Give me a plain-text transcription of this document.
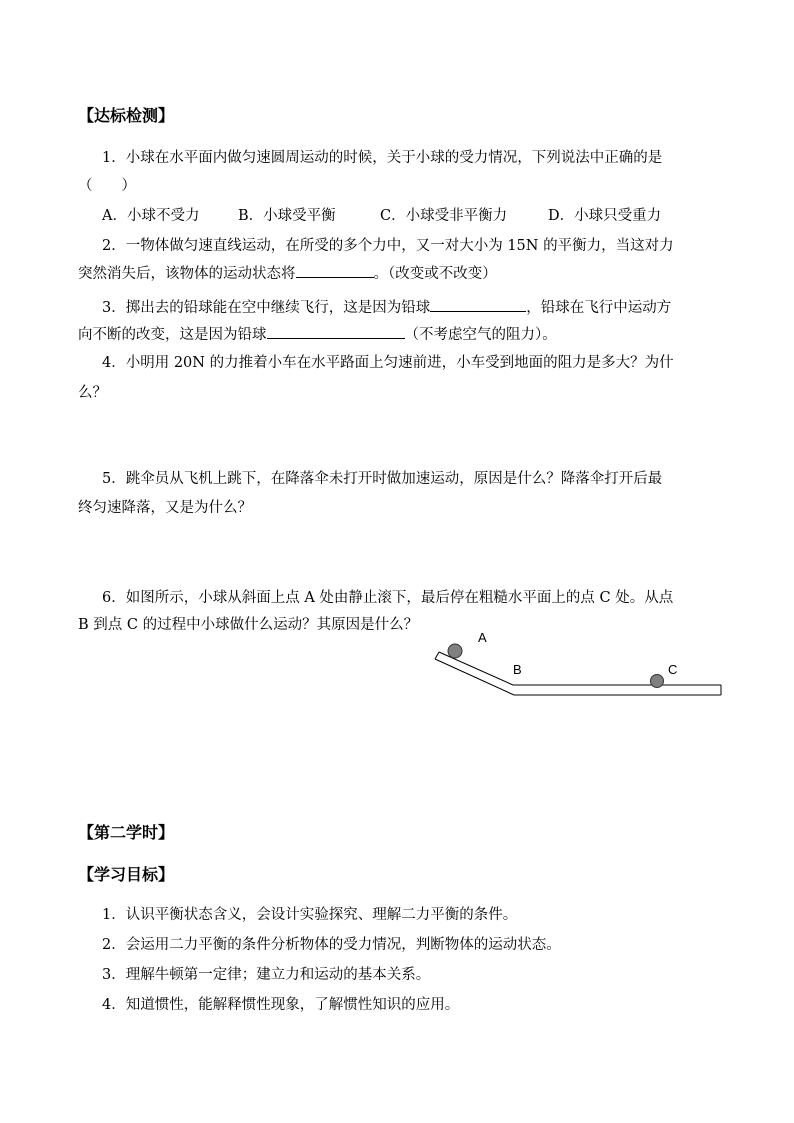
【达标检测】
1．小球在水平面内做匀速圆周运动的时候，关于小球的受力情况，下列说法中正确的是
（　　）
A．小球不受力	B．小球受平衡	C．小球受非平衡力	D．小球只受重力
2．一物体做匀速直线运动，在所受的多个力中，又一对大小为 15N 的平衡力，当这对力
突然消失后，该物体的运动状态将	。（改变或不改变）
3．掷出去的铅球能在空中继续飞行，这是因为铅球	，铅球在飞行中运动方
向不断的改变，这是因为铅球	（不考虑空气的阻力）。
4．小明用 20N 的力推着小车在水平路面上匀速前进，小车受到地面的阻力是多大？为什
么？
5．跳伞员从飞机上跳下，在降落伞未打开时做加速运动，原因是什么？降落伞打开后最
终匀速降落，又是为什么？
6．如图所示，小球从斜面上点 A 处由静止滚下，最后停在粗糙水平面上的点 C 处。从点
B 到点 C 的过程中小球做什么运动？其原因是什么？
A
B	C
【第二学时】
【学习目标】
1．认识平衡状态含义，会设计实验探究、理解二力平衡的条件。
2．会运用二力平衡的条件分析物体的受力情况，判断物体的运动状态。
3．理解牛顿第一定律；建立力和运动的基本关系。
4．知道惯性，能解释惯性现象，了解惯性知识的应用。
